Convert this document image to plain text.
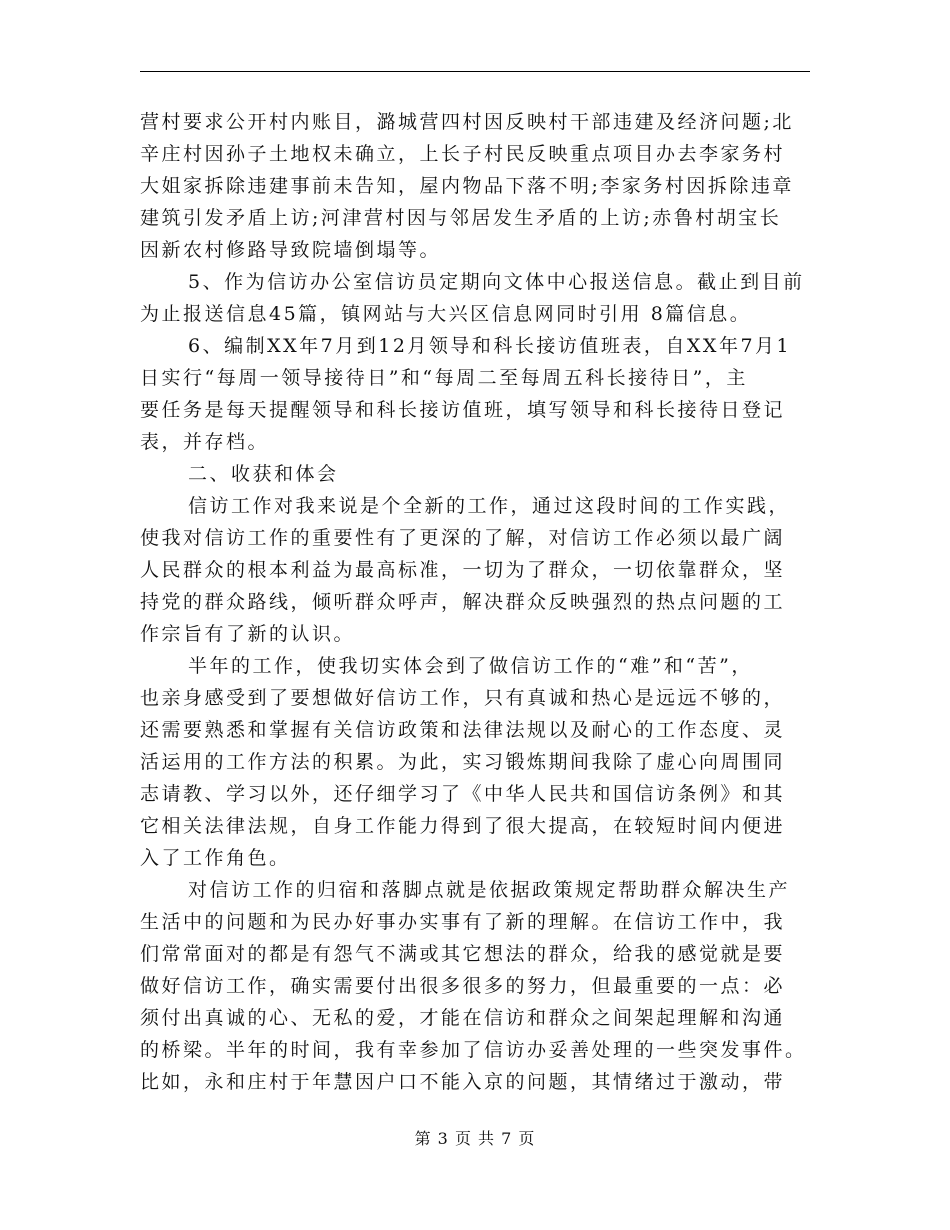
营村要求公开村内账目，潞城营四村因反映村干部违建及经济问题;北
辛庄村因孙子土地权未确立，上长子村民反映重点项目办去李家务村
大姐家拆除违建事前未告知，屋内物品下落不明;李家务村因拆除违章
建筑引发矛盾上访;河津营村因与邻居发生矛盾的上访;赤鲁村胡宝长
因新农村修路导致院墙倒塌等。
5、作为信访办公室信访员定期向文体中心报送信息。截止到目前
为止报送信息45篇，镇网站与大兴区信息网同时引用 8篇信息。
6、编制XX年7月到12月领导和科长接访值班表，自XX年7月1
日实行“每周一领导接待日”和“每周二至每周五科长接待日”，主
要任务是每天提醒领导和科长接访值班，填写领导和科长接待日登记
表，并存档。
二、收获和体会
信访工作对我来说是个全新的工作，通过这段时间的工作实践，
使我对信访工作的重要性有了更深的了解，对信访工作必须以最广阔
人民群众的根本利益为最高标准，一切为了群众，一切依靠群众，坚
持党的群众路线，倾听群众呼声，解决群众反映强烈的热点问题的工
作宗旨有了新的认识。
半年的工作，使我切实体会到了做信访工作的“难”和“苦”，
也亲身感受到了要想做好信访工作，只有真诚和热心是远远不够的，
还需要熟悉和掌握有关信访政策和法律法规以及耐心的工作态度、灵
活运用的工作方法的积累。为此，实习锻炼期间我除了虚心向周围同
志请教、学习以外，还仔细学习了《中华人民共和国信访条例》和其
它相关法律法规，自身工作能力得到了很大提高，在较短时间内便进
入了工作角色。
对信访工作的归宿和落脚点就是依据政策规定帮助群众解决生产
生活中的问题和为民办好事办实事有了新的理解。在信访工作中，我
们常常面对的都是有怨气不满或其它想法的群众，给我的感觉就是要
做好信访工作，确实需要付出很多很多的努力，但最重要的一点：必
须付出真诚的心、无私的爱，才能在信访和群众之间架起理解和沟通
的桥梁。半年的时间，我有幸参加了信访办妥善处理的一些突发事件。
比如，永和庄村于年慧因户口不能入京的问题，其情绪过于激动，带
第 3 页 共 7 页
